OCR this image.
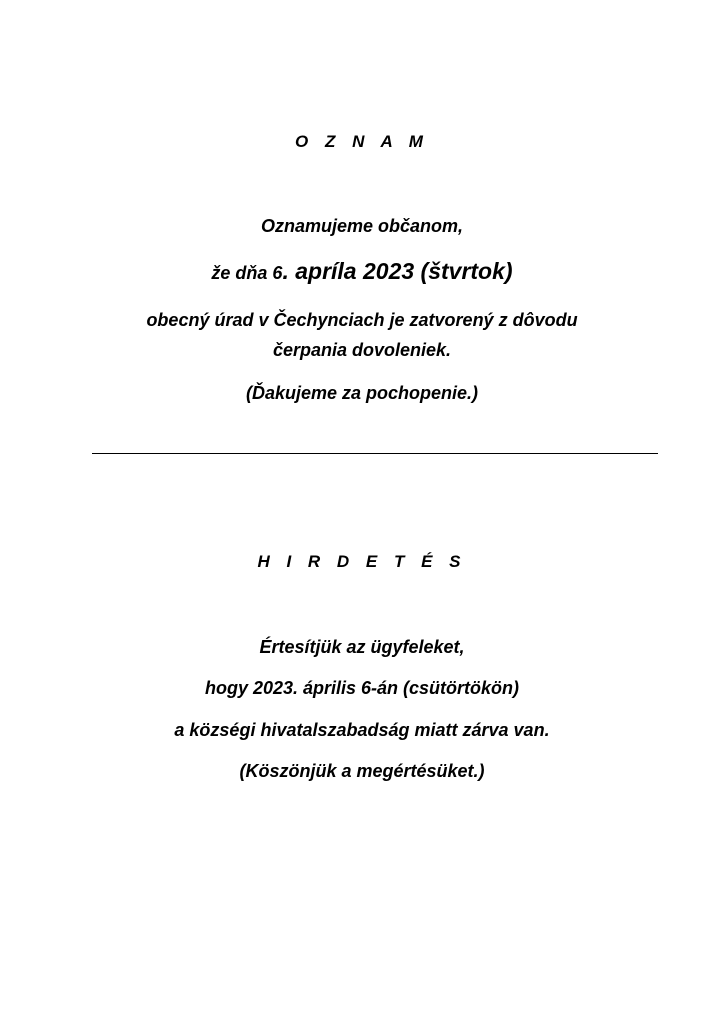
O Z N A M
Oznamujeme občanom,
že dňa 6. apríla 2023 (štvrtok)
obecný úrad v Čechynciach je zatvorený z dôvodu
čerpania dovoleniek.
(Ďakujeme za pochopenie.)
H I R D E T É S
Értesítjük az ügyfeleket,
hogy 2023. április 6-án (csütörtökön)
a községi hivatalszabadság miatt zárva van.
(Köszönjük a megértésüket.)
